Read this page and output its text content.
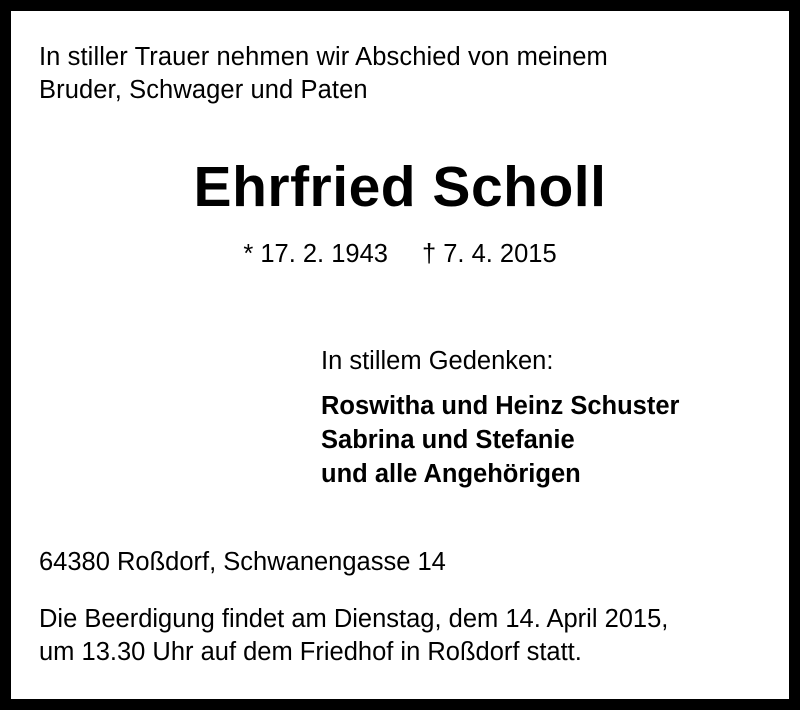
In stiller Trauer nehmen wir Abschied von meinem
Bruder, Schwager und Paten
Ehrfried Scholl
* 17. 2. 1943 † 7. 4. 2015
In stillem Gedenken:
Roswitha und Heinz Schuster
Sabrina und Stefanie
und alle Angehörigen
64380 Roßdorf, Schwanengasse 14
Die Beerdigung findet am Dienstag, dem 14. April 2015,
um 13.30 Uhr auf dem Friedhof in Roßdorf statt.
